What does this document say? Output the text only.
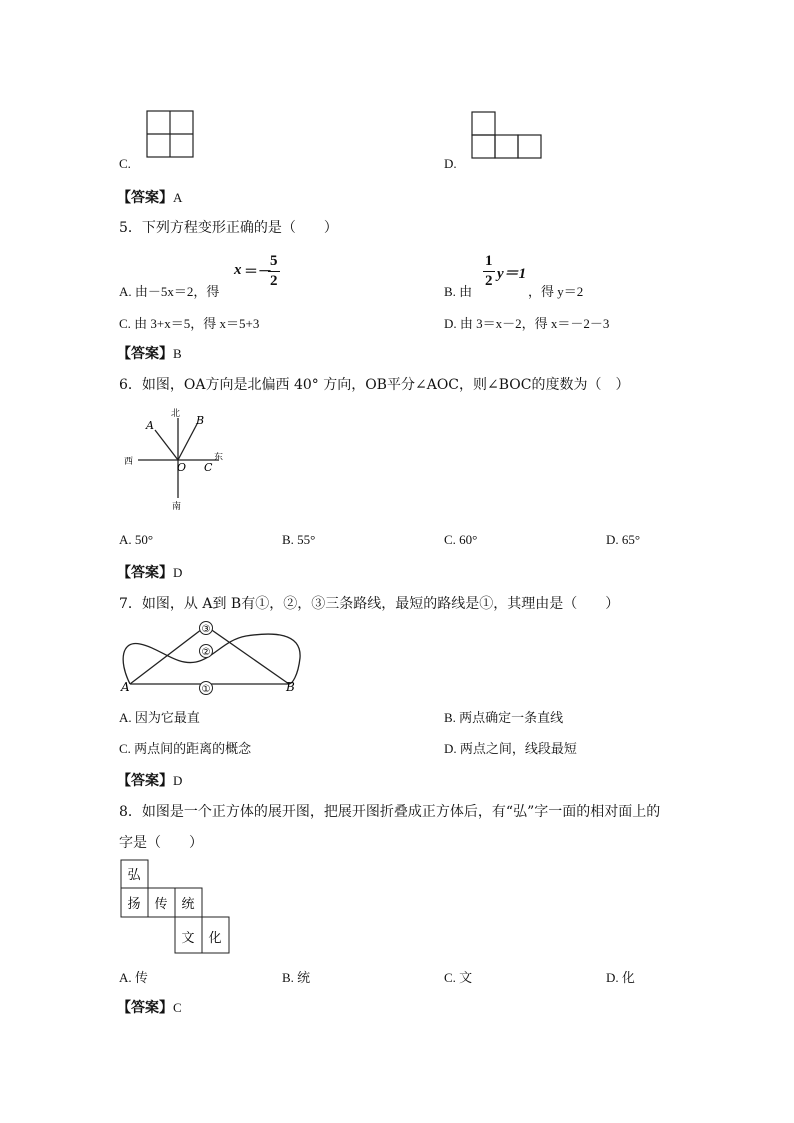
C.	D.
【答案】A
5．下列方程变形正确的是（　　）
A. 由－5x＝2，得
x ＝－
5
2
B. 由
1
2 y＝1
，得 y＝2
C. 由 3+x＝5，得 x＝5+3	D. 由 3＝x－2，得 x＝－2－3
【答案】B
6．如图，OA方向是北偏西 40° 方向，OB平分∠AOC，则∠BOC的度数为（　）
北
南
西	东
A	B
O C
A. 50°	B. 55°	C. 60°	D. 65°
【答案】D
7．如图，从 A到 B有①，②，③三条路线，最短的路线是①，其理由是（　　）
③
②
①
A	B
A. 因为它最直	B. 两点确定一条直线
C. 两点间的距离的概念	D. 两点之间，线段最短
【答案】D
8．如图是一个正方体的展开图，把展开图折叠成正方体后，有“弘”字一面的相对面上的
字是（　　）
弘
扬 传 统
文 化
A. 传	B. 统	C. 文	D. 化
【答案】C
